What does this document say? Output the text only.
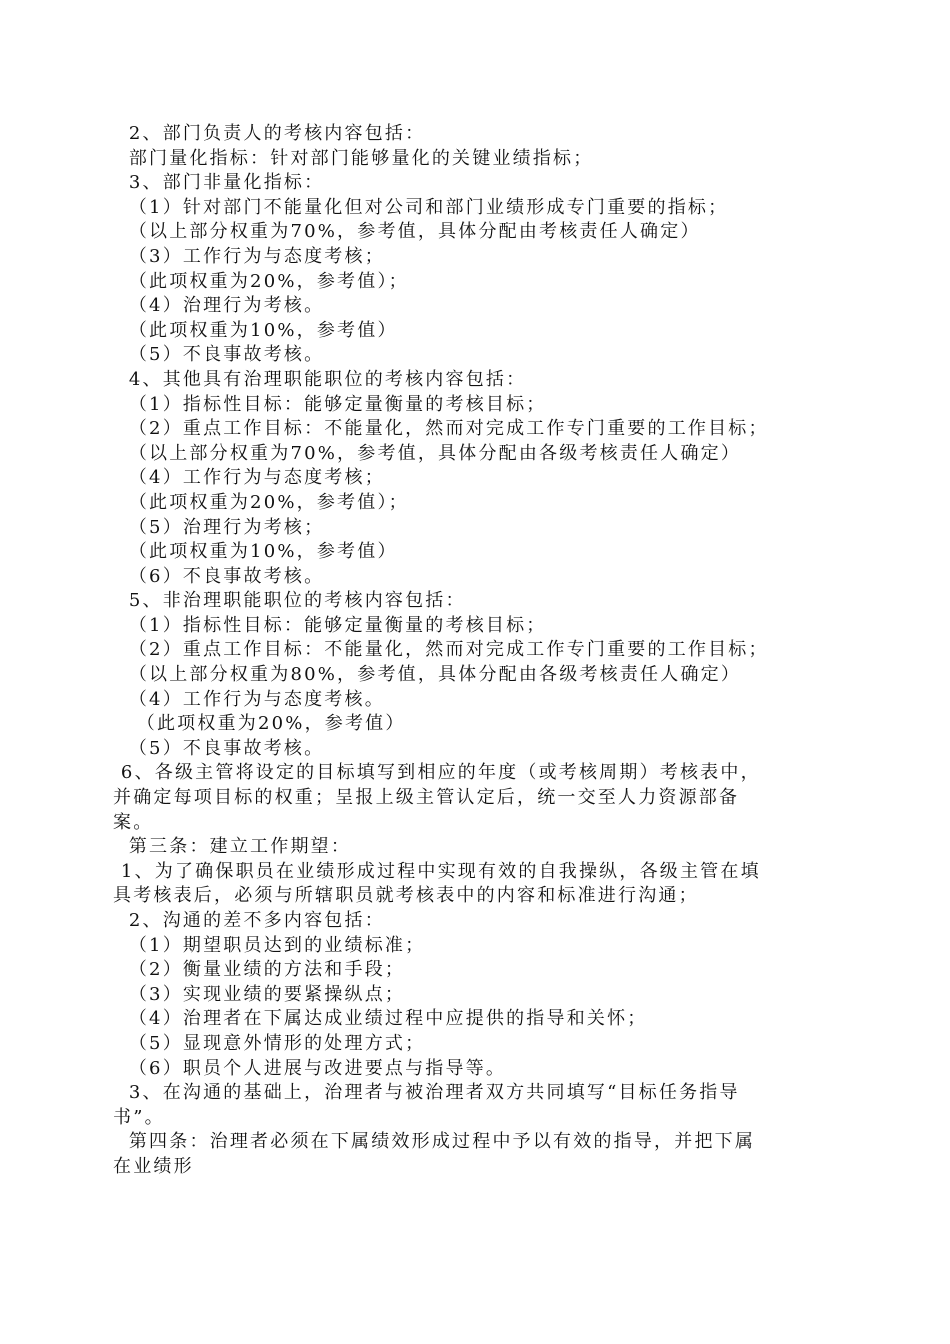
2、部门负责人的考核内容包括：
部门量化指标：针对部门能够量化的关键业绩指标；
3、部门非量化指标：
（1）针对部门不能量化但对公司和部门业绩形成专门重要的指标；
（以上部分权重为70%，参考值，具体分配由考核责任人确定）
（3）工作行为与态度考核；
（此项权重为20%，参考值）；
（4）治理行为考核。
（此项权重为10%，参考值）
（5）不良事故考核。
4、其他具有治理职能职位的考核内容包括：
（1）指标性目标：能够定量衡量的考核目标；
（2）重点工作目标：不能量化，然而对完成工作专门重要的工作目标；
（以上部分权重为70%，参考值，具体分配由各级考核责任人确定）
（4）工作行为与态度考核；
（此项权重为20%，参考值）；
（5）治理行为考核；
（此项权重为10%，参考值）
（6）不良事故考核。
5、非治理职能职位的考核内容包括：
（1）指标性目标：能够定量衡量的考核目标；
（2）重点工作目标：不能量化，然而对完成工作专门重要的工作目标；
（以上部分权重为80%，参考值，具体分配由各级考核责任人确定）
（4）工作行为与态度考核。
（此项权重为20%，参考值）
（5）不良事故考核。
6、各级主管将设定的目标填写到相应的年度（或考核周期）考核表中，
并确定每项目标的权重；呈报上级主管认定后，统一交至人力资源部备
案。
第三条：建立工作期望：
1、为了确保职员在业绩形成过程中实现有效的自我操纵，各级主管在填
具考核表后，必须与所辖职员就考核表中的内容和标准进行沟通；
2、沟通的差不多内容包括：
（1）期望职员达到的业绩标准；
（2）衡量业绩的方法和手段；
（3）实现业绩的要紧操纵点；
（4）治理者在下属达成业绩过程中应提供的指导和关怀；
（5）显现意外情形的处理方式；
（6）职员个人进展与改进要点与指导等。
3、在沟通的基础上，治理者与被治理者双方共同填写“目标任务指导
书”。
第四条：治理者必须在下属绩效形成过程中予以有效的指导，并把下属
在业绩形
